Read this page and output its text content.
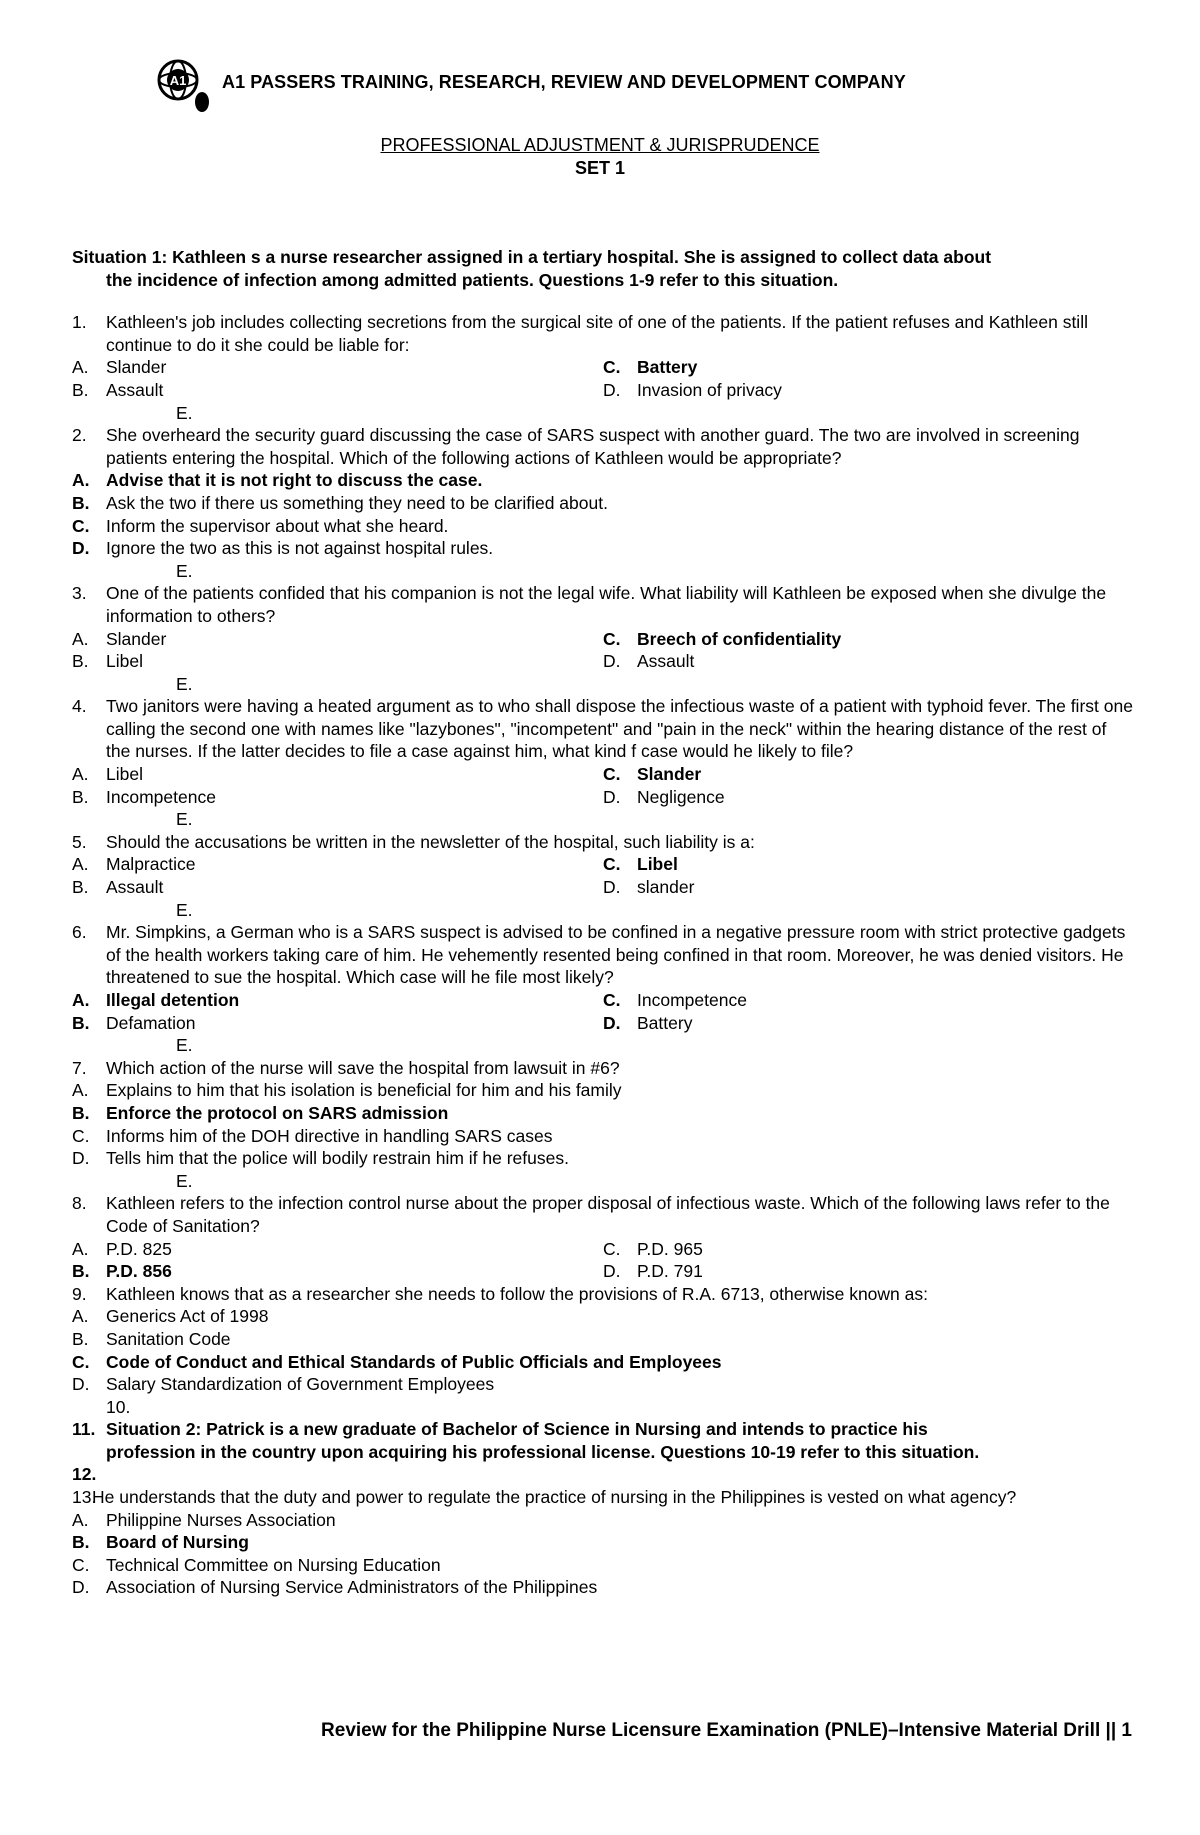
A1 A1 PASSERS TRAINING, RESEARCH, REVIEW AND DEVELOPMENT COMPANY
PROFESSIONAL ADJUSTMENT & JURISPRUDENCE
SET 1
Situation 1: Kathleen s a nurse researcher assigned in a tertiary hospital. She is assigned to collect data about
the incidence of infection among admitted patients. Questions 1-9 refer to this situation.
1.	Kathleen's job includes collecting secretions from the surgical site of one of the patients. If the patient refuses and Kathleen still continue to do it she could be liable for:
A. Slander	C. Battery
B. Assault	D. Invasion of privacy
E.
2.	She overheard the security guard discussing the case of SARS suspect with another guard. The two are involved in screening patients entering the hospital. Which of the following actions of Kathleen would be appropriate?
A. Advise that it is not right to discuss the case.
B. Ask the two if there us something they need to be clarified about.
C. Inform the supervisor about what she heard.
D. Ignore the two as this is not against hospital rules.
E.
3.	One of the patients confided that his companion is not the legal wife. What liability will Kathleen be exposed when she divulge the information to others?
A. Slander	C. Breech of confidentiality
B. Libel	D. Assault
E.
4.	Two janitors were having a heated argument as to who shall dispose the infectious waste of a patient with typhoid fever. The first one calling the second one with names like "lazybones", "incompetent" and "pain in the neck" within the hearing distance of the rest of the nurses. If the latter decides to file a case against him, what kind f case would he likely to file?
A. Libel	C. Slander
B. Incompetence	D. Negligence
E.
5.	Should the accusations be written in the newsletter of the hospital, such liability is a:
A. Malpractice	C. Libel
B. Assault	D. slander
E.
6.	Mr. Simpkins, a German who is a SARS suspect is advised to be confined in a negative pressure room with strict protective gadgets of the health workers taking care of him. He vehemently resented being confined in that room. Moreover, he was denied visitors. He threatened to sue the hospital. Which case will he file most likely?
A. Illegal detention	C. Incompetence
B. Defamation	D. Battery
E.
7.	Which action of the nurse will save the hospital from lawsuit in #6?
A. Explains to him that his isolation is beneficial for him and his family
B. Enforce the protocol on SARS admission
C. Informs him of the DOH directive in handling SARS cases
D. Tells him that the police will bodily restrain him if he refuses.
E.
8.	Kathleen refers to the infection control nurse about the proper disposal of infectious waste. Which of the following laws refer to the Code of Sanitation?
A. P.D. 825	C. P.D. 965
B. P.D. 856	D. P.D. 791
9.	Kathleen knows that as a researcher she needs to follow the provisions of R.A. 6713, otherwise known as:
A. Generics Act of 1998
B. Sanitation Code
C. Code of Conduct and Ethical Standards of Public Officials and Employees
D. Salary Standardization of Government Employees
10.
11. Situation 2: Patrick is a new graduate of Bachelor of Science in Nursing and intends to practice his
profession in the country upon acquiring his professional license. Questions 10-19 refer to this situation.
12.
13.
He understands that the duty and power to regulate the practice of nursing in the Philippines is vested on what agency?
A. Philippine Nurses Association
B. Board of Nursing
C. Technical Committee on Nursing Education
D. Association of Nursing Service Administrators of the Philippines
Review for the Philippine Nurse Licensure Examination (PNLE)–Intensive Material Drill || 1
